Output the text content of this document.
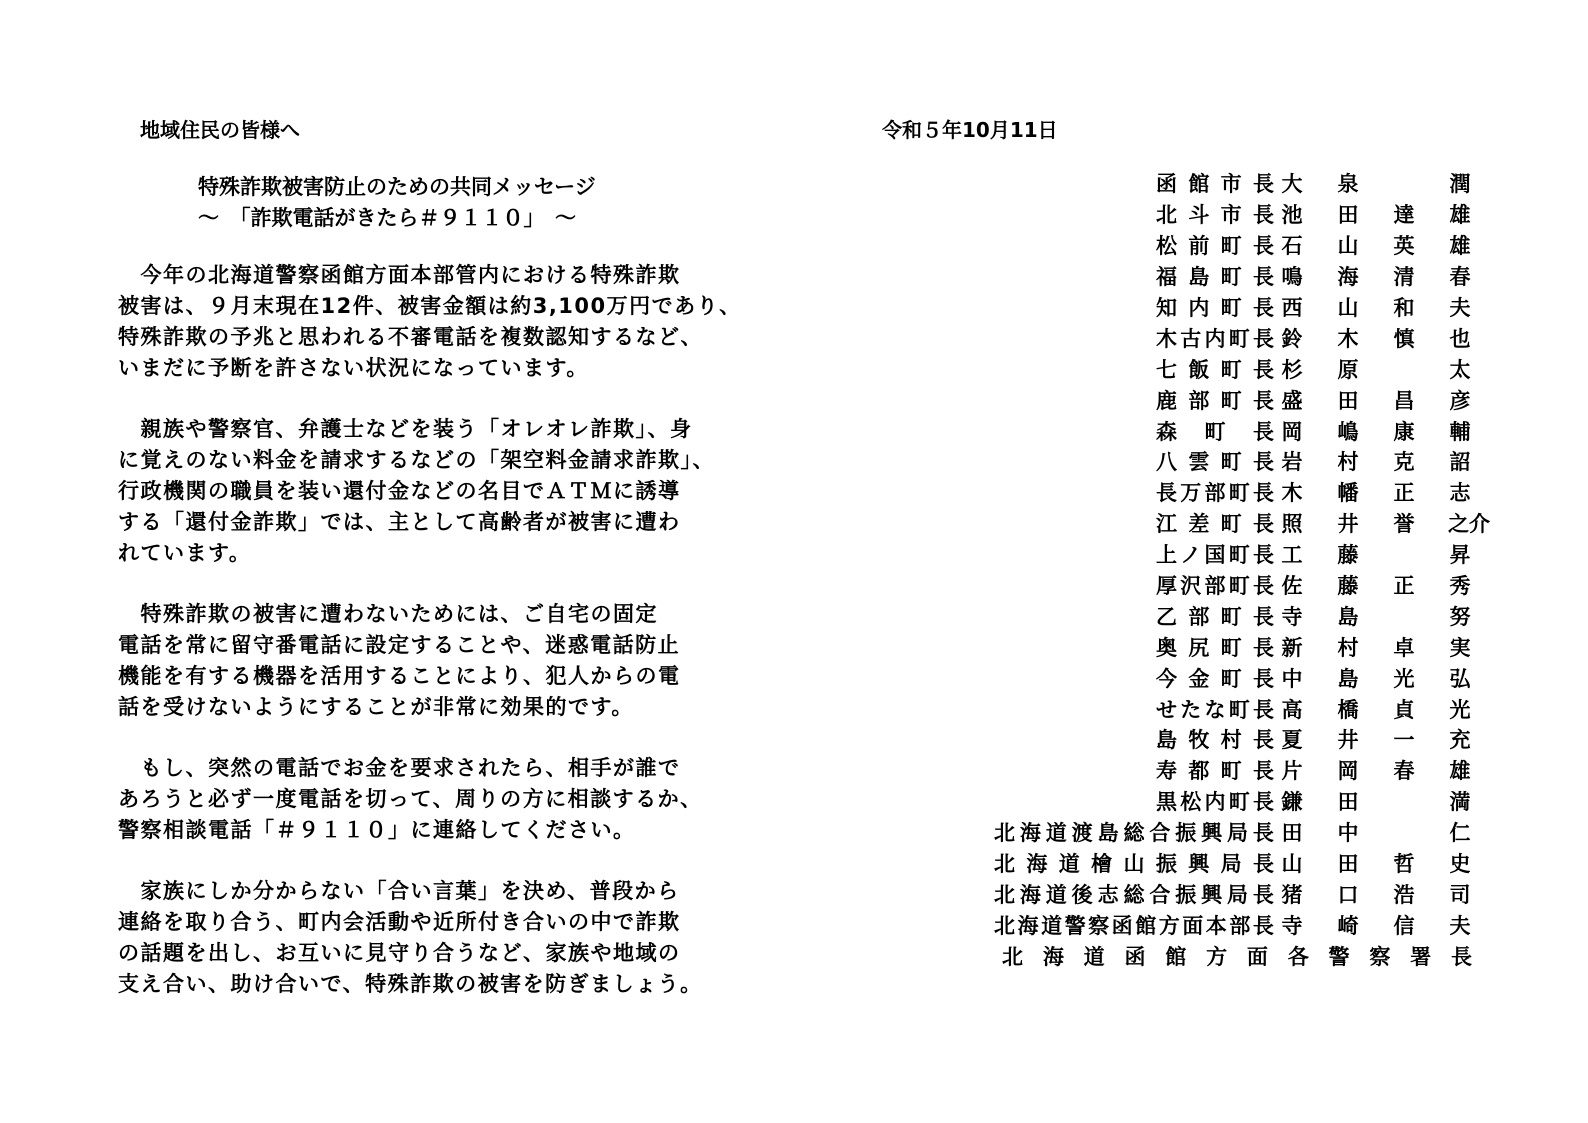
地域住民の皆様へ	令和５年10月11日
特殊詐欺被害防止のための共同メッセージ
～　「詐欺電話がきたら＃９１１０」　～
　今年の北海道警察函館方面本部管内における特殊詐欺
被害は、９月末現在12件、被害金額は約3,100万円であり、
特殊詐欺の予兆と思われる不審電話を複数認知するなど、
いまだに予断を許さない状況になっています。
　親族や警察官、弁護士などを装う「オレオレ詐欺」、身
に覚えのない料金を請求するなどの「架空料金請求詐欺」、
行政機関の職員を装い還付金などの名目でＡＴＭに誘導
する「還付金詐欺」では、主として高齢者が被害に遭わ
れています。
　特殊詐欺の被害に遭わないためには、ご自宅の固定
電話を常に留守番電話に設定することや、迷惑電話防止
機能を有する機器を活用することにより、犯人からの電
話を受けないようにすることが非常に効果的です。
　もし、突然の電話でお金を要求されたら、相手が誰で
あろうと必ず一度電話を切って、周りの方に相談するか、
警察相談電話「＃９１１０」に連絡してください。
　家族にしか分からない「合い言葉」を決め、普段から
連絡を取り合う、町内会活動や近所付き合いの中で詐欺
の話題を出し、お互いに見守り合うなど、家族や地域の
支え合い、助け合いで、特殊詐欺の被害を防ぎましょう。
函 館 市 長 大 泉	潤
北 斗 市 長 池 田 達 雄
松 前 町 長 石 山 英 雄
福 島 町 長 鳴 海 清 春
知 内 町 長 西 山 和 夫
木 古 内 町 長 鈴 木 慎 也
七 飯 町 長 杉 原	太
鹿 部 町 長 盛 田 昌 彦
森 町 長 岡 嶋 康 輔
八 雲 町 長 岩 村 克 詔
長 万 部 町 長 木 幡 正 志
江 差 町 長 照 井 誉 之介
上 ノ 国 町 長 工 藤	昇
厚 沢 部 町 長 佐 藤 正 秀
乙 部 町 長 寺 島	努
奥 尻 町 長 新 村 卓 実
今 金 町 長 中 島 光 弘
せ た な 町 長 高 橋 貞 光
島 牧 村 長 夏 井 一 充
寿 都 町 長 片 岡 春 雄
黒 松 内 町 長 鎌 田	満
北 海 道 渡 島 総 合 振 興 局 長 田 中	仁
北 海 道 檜 山 振 興 局 長 山 田 哲 史
北 海 道 後 志 総 合 振 興 局 長 猪 口 浩 司
北 海 道 警 察 函 館 方 面 本 部 長 寺 崎 信 夫
北 海 道 函 館 方 面 各 警 察 署 長
